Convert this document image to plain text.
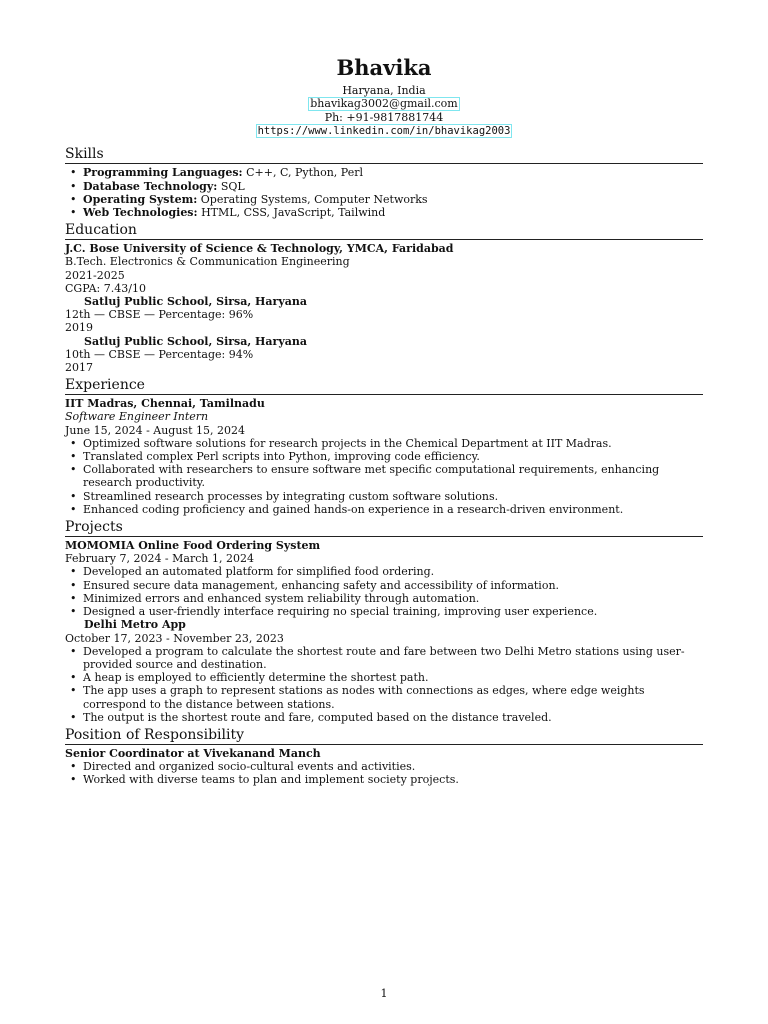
Bhavika
Haryana, India
bhavikag3002@gmail.com
Ph: +91-9817881744
https://www.linkedin.com/in/bhavikag2003
Skills
• Programming Languages: C++, C, Python, Perl
• Database Technology: SQL
• Operating System: Operating Systems, Computer Networks
• Web Technologies: HTML, CSS, JavaScript, Tailwind
Education
J.C. Bose University of Science & Technology, YMCA, Faridabad
B.Tech. Electronics & Communication Engineering
2021-2025
CGPA: 7.43/10
Satluj Public School, Sirsa, Haryana
12th — CBSE — Percentage: 96%
2019
Satluj Public School, Sirsa, Haryana
10th — CBSE — Percentage: 94%
2017
Experience
IIT Madras, Chennai, Tamilnadu
Software Engineer Intern
June 15, 2024 - August 15, 2024
• Optimized software solutions for research projects in the Chemical Department at IIT Madras.
• Translated complex Perl scripts into Python, improving code efficiency.
• Collaborated with researchers to ensure software met specific computational requirements, enhancing research productivity.
• Streamlined research processes by integrating custom software solutions.
• Enhanced coding proficiency and gained hands-on experience in a research-driven environment.
Projects
MOMOMIA Online Food Ordering System
February 7, 2024 - March 1, 2024
• Developed an automated platform for simplified food ordering.
• Ensured secure data management, enhancing safety and accessibility of information.
• Minimized errors and enhanced system reliability through automation.
• Designed a user-friendly interface requiring no special training, improving user experience.
Delhi Metro App
October 17, 2023 - November 23, 2023
• Developed a program to calculate the shortest route and fare between two Delhi Metro stations using user-provided source and destination.
• A heap is employed to efficiently determine the shortest path.
• The app uses a graph to represent stations as nodes with connections as edges, where edge weights correspond to the distance between stations.
• The output is the shortest route and fare, computed based on the distance traveled.
Position of Responsibility
Senior Coordinator at Vivekanand Manch
• Directed and organized socio-cultural events and activities.
• Worked with diverse teams to plan and implement society projects.
1
